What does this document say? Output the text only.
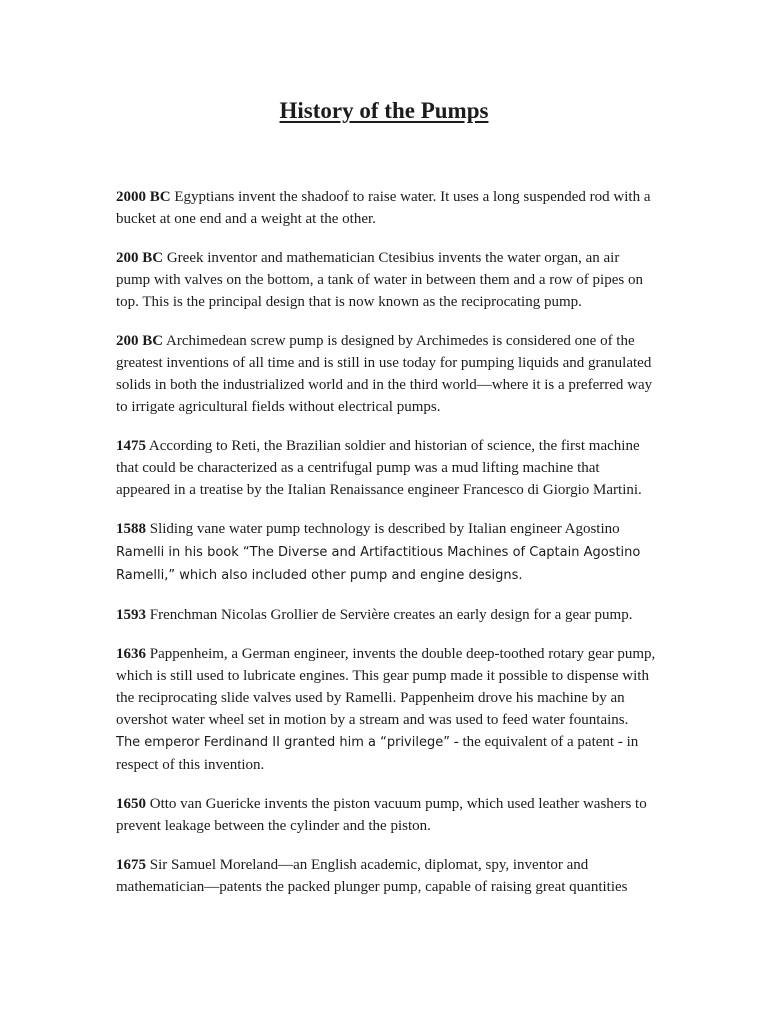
History of the Pumps

2000 BC Egyptians invent the shadoof to raise water. It uses a long suspended rod with a bucket at one end and a weight at the other.

200 BC Greek inventor and mathematician Ctesibius invents the water organ, an air pump with valves on the bottom, a tank of water in between them and a row of pipes on top. This is the principal design that is now known as the reciprocating pump.

200 BC Archimedean screw pump is designed by Archimedes is considered one of the greatest inventions of all time and is still in use today for pumping liquids and granulated solids in both the industrialized world and in the third world—where it is a preferred way to irrigate agricultural fields without electrical pumps.

1475 According to Reti, the Brazilian soldier and historian of science, the first machine that could be characterized as a centrifugal pump was a mud lifting machine that appeared in a treatise by the Italian Renaissance engineer Francesco di Giorgio Martini.

1588 Sliding vane water pump technology is described by Italian engineer Agostino Ramelli in his book “The Diverse and Artifactitious Machines of Captain Agostino Ramelli,” which also included other pump and engine designs.

1593 Frenchman Nicolas Grollier de Servière creates an early design for a gear pump.

1636 Pappenheim, a German engineer, invents the double deep-toothed rotary gear pump, which is still used to lubricate engines. This gear pump made it possible to dispense with the reciprocating slide valves used by Ramelli. Pappenheim drove his machine by an overshot water wheel set in motion by a stream and was used to feed water fountains. The emperor Ferdinand II granted him a “privilege” - the equivalent of a patent - in respect of this invention.

1650 Otto van Guericke invents the piston vacuum pump, which used leather washers to prevent leakage between the cylinder and the piston.

1675 Sir Samuel Moreland—an English academic, diplomat, spy, inventor and mathematician—patents the packed plunger pump, capable of raising great quantities
